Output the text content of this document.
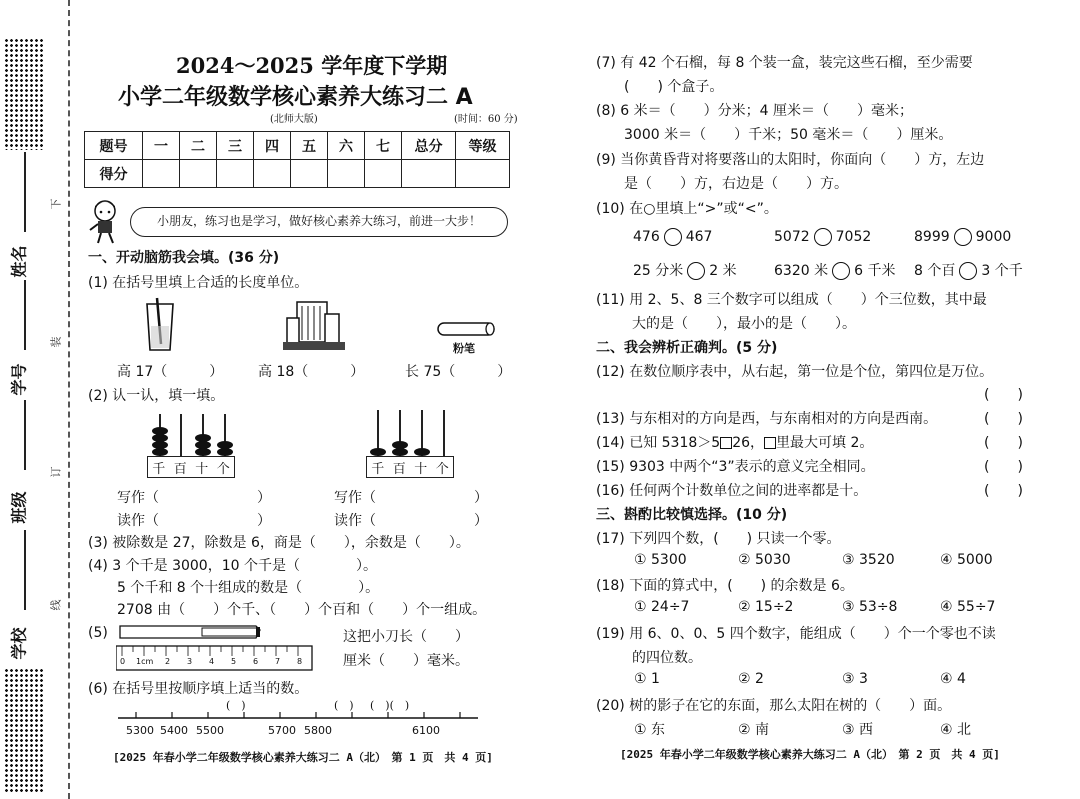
姓名
学号
班级
学校
下
装
订
线
2024～2025 学年度下学期
小学二年级数学核心素养大练习二 A
(北师大版)	(时间：60 分)
题号	一	二	三	四	五	六	七	总分	等级
得分									
小朋友，练习也是学习，做好核心素养大练习，前进一大步！
一、开动脑筋我会填。(36 分)
(1) 在括号里填上合适的长度单位。
粉笔
高 17（　　　） 高 18（　　　）	长 75（　　　）
(2) 认一认，填一填。
千 百 十 个	千 百 十 个
写作（　　　　　　　）
读作（　　　　　　　）
写作（　　　　　　　）
读作（　　　　　　　）
(3) 被除数是 27，除数是 6，商是（　　），余数是（　　）。
(4) 3 个千是 3000，10 个千是（　　　　）。
5 个千和 8 个十组成的数是（　　　　）。
2708 由（　　）个千、（　　）个百和（　　）个一组成。
(5)
0 1cm 2 3 4 5 6 7 8
这把小刀长（　　）
厘米（　　）毫米。
(6) 在括号里按顺序填上适当的数。
(　)	(　) (　)(　)
5300 5400 5500	5700 5800	6100
[2025 年春小学二年级数学核心素养大练习二 A（北）　第 1 页　共 4 页]
(7) 有 42 个石榴，每 8 个装一盒，装完这些石榴，至少需要
(　　) 个盒子。
(8) 6 米＝（　　）分米；4 厘米＝（　　）毫米；
3000 米＝（　　）千米；50 毫米＝（　　）厘米。
(9) 当你黄昏背对将要落山的太阳时，你面向（　　）方，左边
是（　　）方，右边是（　　）方。
(10) 在○里填上“>”或“<”。
476 467	5072 7052	8999 9000
25 分米 2 米	6320 米 6 千米 8 个百 3 个千
(11) 用 2、5、8 三个数字可以组成（　　）个三位数，其中最
大的是（　　），最小的是（　　）。
二、我会辨析正确判。(5 分)
(12) 在数位顺序表中，从右起，第一位是个位，第四位是万位。
(　　)
(13) 与东相对的方向是西，与东南相对的方向是西南。	(　　)
(14) 已知 5318＞5 26， 里最大可填 2。	(　　)
(15) 9303 中两个“3”表示的意义完全相同。	(　　)
(16) 任何两个计数单位之间的进率都是十。	(　　)
三、斟酌比较慎选择。(10 分)
(17) 下列四个数，(　　) 只读一个零。
① 5300	② 5030	③ 3520	④ 5000
(18) 下面的算式中，(　　) 的余数是 6。
① 24÷7	② 15÷2	③ 53÷8	④ 55÷7
(19) 用 6、0、0、5 四个数字，能组成（　　）个一个零也不读
的四位数。
① 1	② 2	③ 3	④ 4
(20) 树的影子在它的东面，那么太阳在树的（　　）面。
① 东	② 南	③ 西	④ 北
[2025 年春小学二年级数学核心素养大练习二 A（北）　第 2 页　共 4 页]
